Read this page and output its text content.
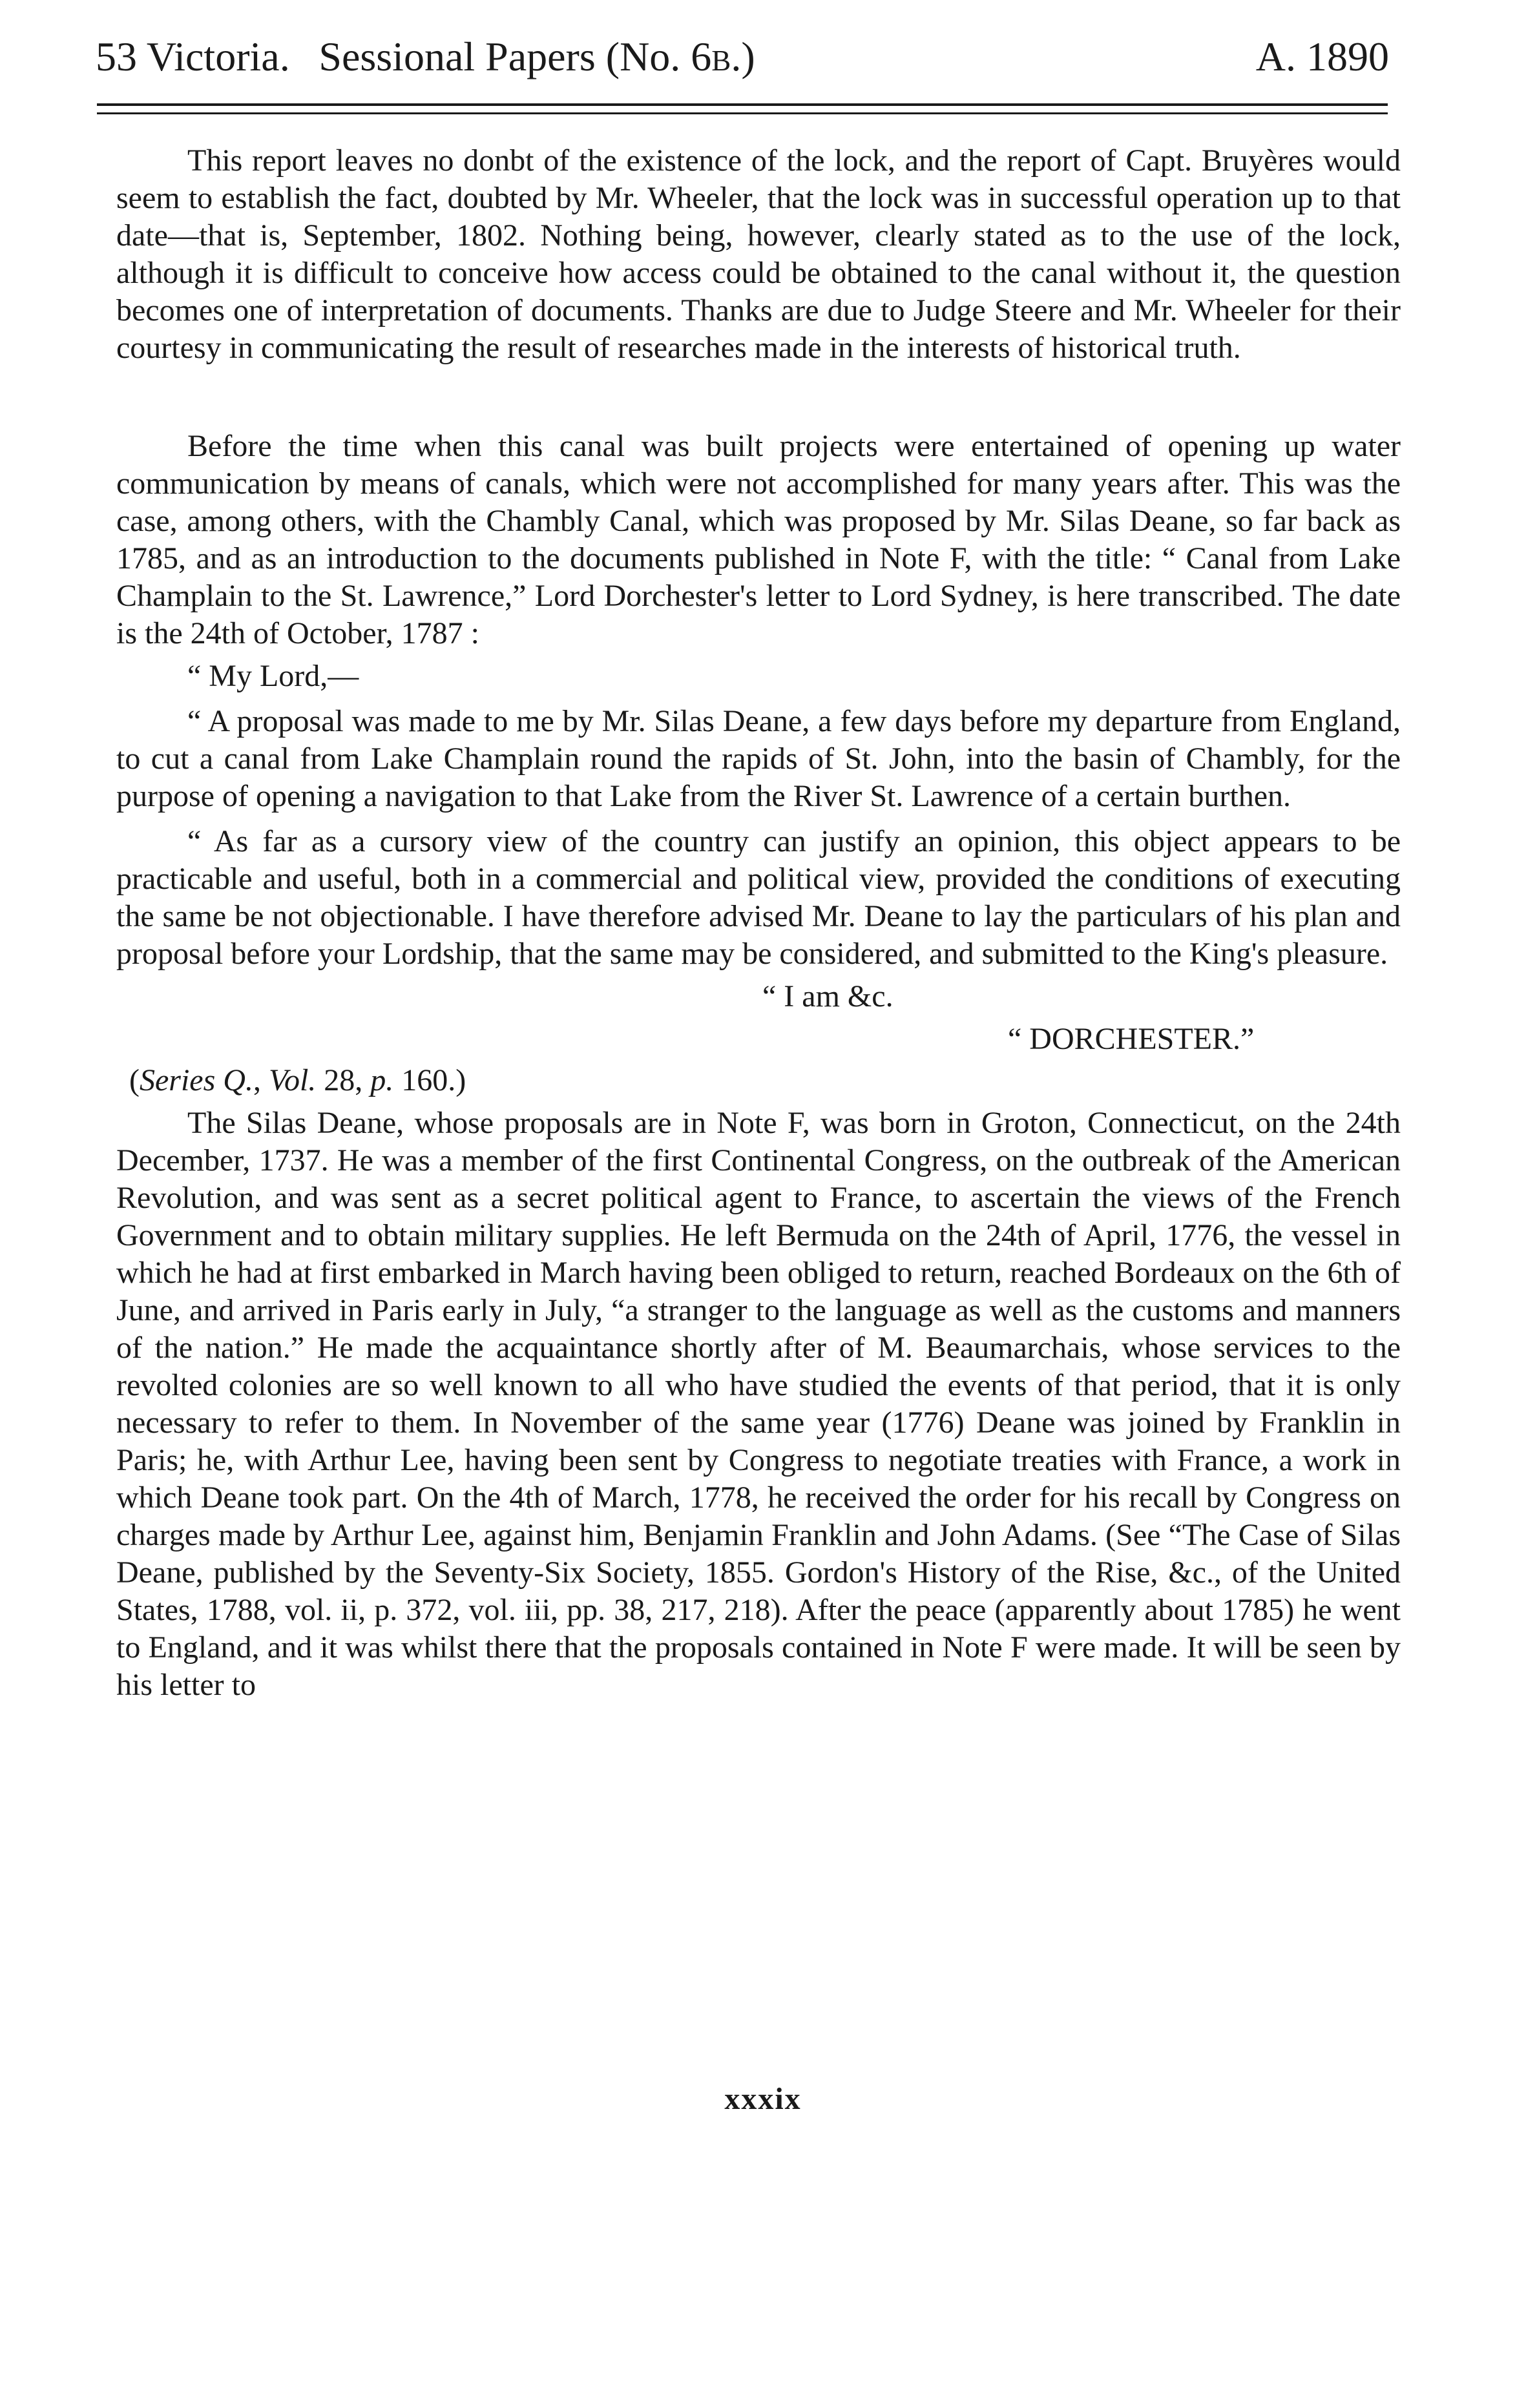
53 Victoria. Sessional Papers (No. 6b.)	A. 1890

This report leaves no donbt of the existence of the lock, and the report of Capt. Bruyères would seem to establish the fact, doubted by Mr. Wheeler, that the lock was in successful operation up to that date—that is, September, 1802. Nothing being, however, clearly stated as to the use of the lock, although it is difficult to conceive how access could be obtained to the canal without it, the question becomes one of interpretation of documents. Thanks are due to Judge Steere and Mr. Wheeler for their courtesy in communicating the result of researches made in the interests of historical truth.

Before the time when this canal was built projects were entertained of opening up water communication by means of canals, which were not accomplished for many years after. This was the case, among others, with the Chambly Canal, which was proposed by Mr. Silas Deane, so far back as 1785, and as an introduction to the documents published in Note F, with the title: “ Canal from Lake Champlain to the St. Lawrence,” Lord Dorchester's letter to Lord Sydney, is here transcribed. The date is the 24th of October, 1787 :

“ My Lord,—

“ A proposal was made to me by Mr. Silas Deane, a few days before my departure from England, to cut a canal from Lake Champlain round the rapids of St. John, into the basin of Chambly, for the purpose of opening a navigation to that Lake from the River St. Lawrence of a certain burthen.

“ As far as a cursory view of the country can justify an opinion, this object appears to be practicable and useful, both in a commercial and political view, provided the conditions of executing the same be not objectionable. I have therefore advised Mr. Deane to lay the particulars of his plan and proposal before your Lordship, that the same may be considered, and submitted to the King's pleasure.

“ I am &c.

“ DORCHESTER.”

(Series Q., Vol. 28, p. 160.)

The Silas Deane, whose proposals are in Note F, was born in Groton, Connecticut, on the 24th December, 1737. He was a member of the first Continental Congress, on the outbreak of the American Revolution, and was sent as a secret political agent to France, to ascertain the views of the French Government and to obtain military supplies. He left Bermuda on the 24th of April, 1776, the vessel in which he had at first embarked in March having been obliged to return, reached Bordeaux on the 6th of June, and arrived in Paris early in July, “a stranger to the language as well as the customs and manners of the nation.” He made the acquaintance shortly after of M. Beaumarchais, whose services to the revolted colonies are so well known to all who have studied the events of that period, that it is only necessary to refer to them. In November of the same year (1776) Deane was joined by Franklin in Paris; he, with Arthur Lee, having been sent by Congress to negotiate treaties with France, a work in which Deane took part. On the 4th of March, 1778, he received the order for his recall by Congress on charges made by Arthur Lee, against him, Benjamin Franklin and John Adams. (See “The Case of Silas Deane, published by the Seventy-Six Society, 1855. Gordon's History of the Rise, &c., of the United States, 1788, vol. ii, p. 372, vol. iii, pp. 38, 217, 218). After the peace (apparently about 1785) he went to England, and it was whilst there that the proposals contained in Note F were made. It will be seen by his letter to

xxxix
